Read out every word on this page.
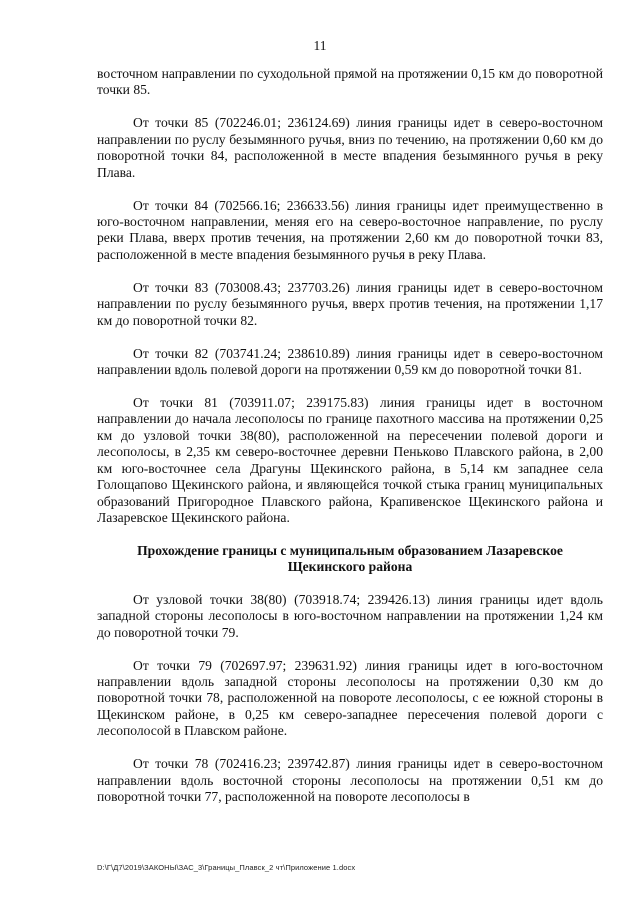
11

восточном направлении по суходольной прямой на протяжении 0,15 км до поворотной точки 85.

От точки 85 (702246.01; 236124.69) линия границы идет в северо-восточном направлении по руслу безымянного ручья, вниз по течению, на протяжении 0,60 км до поворотной точки 84, расположенной в месте впадения безымянного ручья в реку Плава.

От точки 84 (702566.16; 236633.56) линия границы идет преимущественно в юго-восточном направлении, меняя его на северо-восточное направление, по руслу реки Плава, вверх против течения, на протяжении 2,60 км до поворотной точки 83, расположенной в месте впадения безымянного ручья в реку Плава.

От точки 83 (703008.43; 237703.26) линия границы идет в северо-восточном направлении по руслу безымянного ручья, вверх против течения, на протяжении 1,17 км до поворотной точки 82.

От точки 82 (703741.24; 238610.89) линия границы идет в северо-восточном направлении вдоль полевой дороги на протяжении 0,59 км до поворотной точки 81.

От точки 81 (703911.07; 239175.83) линия границы идет в восточном направлении до начала лесополосы по границе пахотного массива на протяжении 0,25 км до узловой точки 38(80), расположенной на пересечении полевой дороги и лесополосы, в 2,35 км северо-восточнее деревни Пеньково Плавского района, в 2,00 км юго-восточнее села Драгуны Щекинского района, в 5,14 км западнее села Голощапово Щекинского района, и являющейся точкой стыка границ муниципальных образований Пригородное Плавского района, Крапивенское Щекинского района и Лазаревское Щекинского района.

Прохождение границы с муниципальным образованием Лазаревское Щекинского района

От узловой точки 38(80) (703918.74; 239426.13) линия границы идет вдоль западной стороны лесополосы в юго-восточном направлении на протяжении 1,24 км до поворотной точки 79.

От точки 79 (702697.97; 239631.92) линия границы идет в юго-восточном направлении вдоль западной стороны лесополосы на протяжении 0,30 км до поворотной точки 78, расположенной на повороте лесополосы, с ее южной стороны в Щекинском районе, в 0,25 км северо-западнее пересечения полевой дороги с лесополосой в Плавском районе.

От точки 78 (702416.23; 239742.87) линия границы идет в северо-восточном направлении вдоль восточной стороны лесополосы на протяжении 0,51 км до поворотной точки 77, расположенной на повороте лесополосы в

D:\Г\Д7\2019\ЗАКОНЫ\ЗАС_3\Границы_Плавск_2 чт\Приложение 1.docx
